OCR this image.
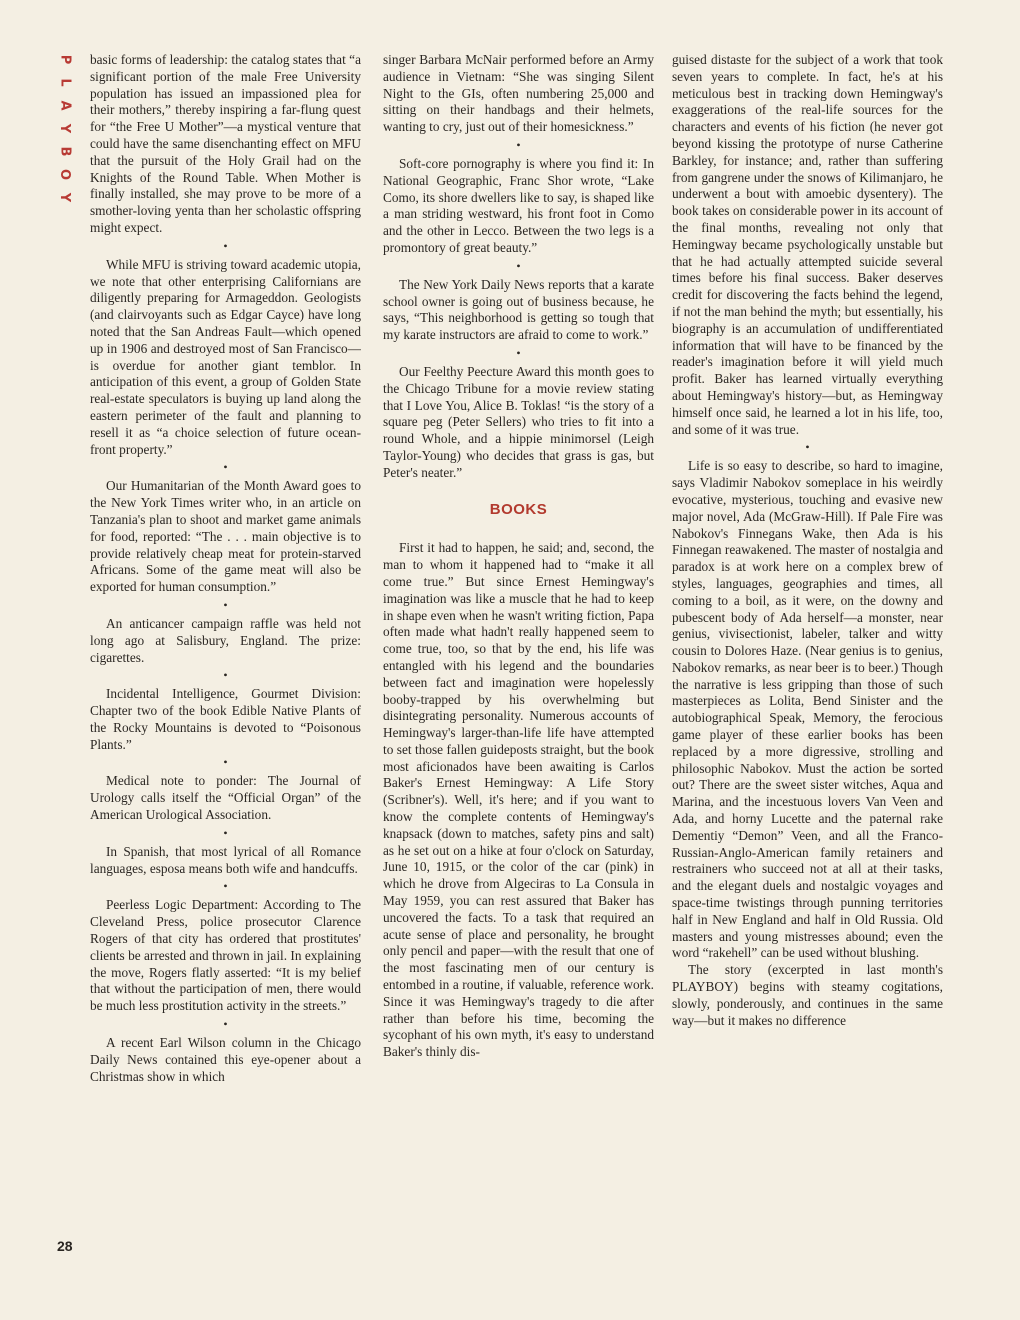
P
L
A
Y
B
O
Y
28

basic forms of leadership: the catalog states that “a significant portion of the male Free University population has issued an impassioned plea for their mothers,” thereby inspiring a far-flung quest for “the Free U Mother”—a mystical venture that could have the same disenchanting effect on MFU that the pursuit of the Holy Grail had on the Knights of the Round Table. When Mother is finally installed, she may prove to be more of a smother-loving yenta than her scholastic offspring might expect.

•

While MFU is striving toward academic utopia, we note that other enterprising Californians are diligently preparing for Armageddon. Geologists (and clairvoyants such as Edgar Cayce) have long noted that the San Andreas Fault—which opened up in 1906 and destroyed most of San Francisco—is overdue for another giant temblor. In anticipation of this event, a group of Golden State real-estate speculators is buying up land along the eastern perimeter of the fault and planning to resell it as “a choice selection of future ocean-front property.”

•

Our Humanitarian of the Month Award goes to the New York Times writer who, in an article on Tanzania's plan to shoot and market game animals for food, reported: “The . . . main objective is to provide relatively cheap meat for protein-starved Africans. Some of the game meat will also be exported for human consumption.”

•

An anticancer campaign raffle was held not long ago at Salisbury, England. The prize: cigarettes.

•

Incidental Intelligence, Gourmet Division: Chapter two of the book Edible Native Plants of the Rocky Mountains is devoted to “Poisonous Plants.”

•

Medical note to ponder: The Journal of Urology calls itself the “Official Organ” of the American Urological Association.

•

In Spanish, that most lyrical of all Romance languages, esposa means both wife and handcuffs.

•

Peerless Logic Department: According to The Cleveland Press, police prosecutor Clarence Rogers of that city has ordered that prostitutes' clients be arrested and thrown in jail. In explaining the move, Rogers flatly asserted: “It is my belief that without the participation of men, there would be much less prostitution activity in the streets.”

•

A recent Earl Wilson column in the Chicago Daily News contained this eye-opener about a Christmas show in which

singer Barbara McNair performed before an Army audience in Vietnam: “She was singing Silent Night to the GIs, often numbering 25,000 and sitting on their handbags and their helmets, wanting to cry, just out of their homesickness.”

•

Soft-core pornography is where you find it: In National Geographic, Franc Shor wrote, “Lake Como, its shore dwellers like to say, is shaped like a man striding westward, his front foot in Como and the other in Lecco. Between the two legs is a promontory of great beauty.”

•

The New York Daily News reports that a karate school owner is going out of business because, he says, “This neighborhood is getting so tough that my karate instructors are afraid to come to work.”

•

Our Feelthy Peecture Award this month goes to the Chicago Tribune for a movie review stating that I Love You, Alice B. Toklas! “is the story of a square peg (Peter Sellers) who tries to fit into a round Whole, and a hippie minimorsel (Leigh Taylor-Young) who decides that grass is gas, but Peter's neater.”

BOOKS

First it had to happen, he said; and, second, the man to whom it happened had to “make it all come true.” But since Ernest Hemingway's imagination was like a muscle that he had to keep in shape even when he wasn't writing fiction, Papa often made what hadn't really happened seem to come true, too, so that by the end, his life was entangled with his legend and the boundaries between fact and imagination were hopelessly booby-trapped by his overwhelming but disintegrating personality. Numerous accounts of Hemingway's larger-than-life life have attempted to set those fallen guideposts straight, but the book most aficionados have been awaiting is Carlos Baker's Ernest Hemingway: A Life Story (Scribner's). Well, it's here; and if you want to know the complete contents of Hemingway's knapsack (down to matches, safety pins and salt) as he set out on a hike at four o'clock on Saturday, June 10, 1915, or the color of the car (pink) in which he drove from Algeciras to La Consula in May 1959, you can rest assured that Baker has uncovered the facts. To a task that required an acute sense of place and personality, he brought only pencil and paper—with the result that one of the most fascinating men of our century is entombed in a routine, if valuable, reference work. Since it was Hemingway's tragedy to die after rather than before his time, becoming the sycophant of his own myth, it's easy to understand Baker's thinly dis-

guised distaste for the subject of a work that took seven years to complete. In fact, he's at his meticulous best in tracking down Hemingway's exaggerations of the real-life sources for the characters and events of his fiction (he never got beyond kissing the prototype of nurse Catherine Barkley, for instance; and, rather than suffering from gangrene under the snows of Kilimanjaro, he underwent a bout with amoebic dysentery). The book takes on considerable power in its account of the final months, revealing not only that Hemingway became psychologically unstable but that he had actually attempted suicide several times before his final success. Baker deserves credit for discovering the facts behind the legend, if not the man behind the myth; but essentially, his biography is an accumulation of undifferentiated information that will have to be financed by the reader's imagination before it will yield much profit. Baker has learned virtually everything about Hemingway's history—but, as Hemingway himself once said, he learned a lot in his life, too, and some of it was true.

•

Life is so easy to describe, so hard to imagine, says Vladimir Nabokov someplace in his weirdly evocative, mysterious, touching and evasive new major novel, Ada (McGraw-Hill). If Pale Fire was Nabokov's Finnegans Wake, then Ada is his Finnegan reawakened. The master of nostalgia and paradox is at work here on a complex brew of styles, languages, geographies and times, all coming to a boil, as it were, on the downy and pubescent body of Ada herself—a monster, near genius, vivisectionist, labeler, talker and witty cousin to Dolores Haze. (Near genius is to genius, Nabokov remarks, as near beer is to beer.) Though the narrative is less gripping than those of such masterpieces as Lolita, Bend Sinister and the autobiographical Speak, Memory, the ferocious game player of these earlier books has been replaced by a more digressive, strolling and philosophic Nabokov. Must the action be sorted out? There are the sweet sister witches, Aqua and Marina, and the incestuous lovers Van Veen and Ada, and horny Lucette and the paternal rake Dementiy “Demon” Veen, and all the Franco-Russian-Anglo-American family retainers and restrainers who succeed not at all at their tasks, and the elegant duels and nostalgic voyages and space-time twistings through punning territories half in New England and half in Old Russia. Old masters and young mistresses abound; even the word “rakehell” can be used without blushing.

The story (excerpted in last month's PLAYBOY) begins with steamy cogitations, slowly, ponderously, and continues in the same way—but it makes no difference
